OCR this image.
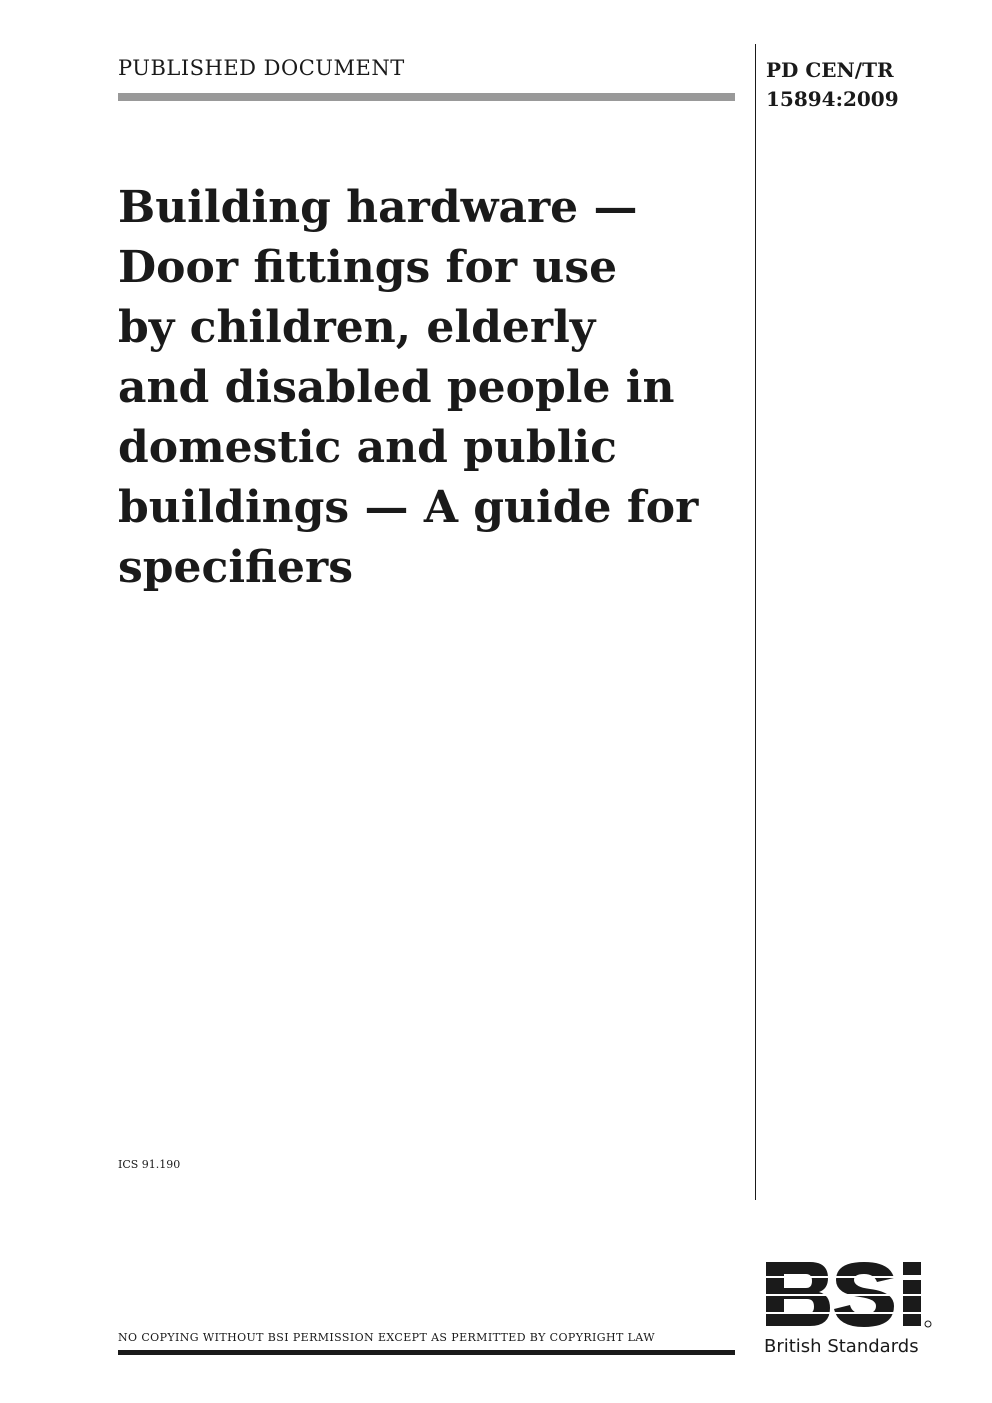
PUBLISHED DOCUMENT	PD CEN/TR
15894:2009
Building hardware —
Door fittings for use
by children, elderly
and disabled people in
domestic and public
buildings — A guide for
specifiers
ICS 91.190
NO COPYING WITHOUT BSI PERMISSION EXCEPT AS PERMITTED BY COPYRIGHT LAW	British Standards
